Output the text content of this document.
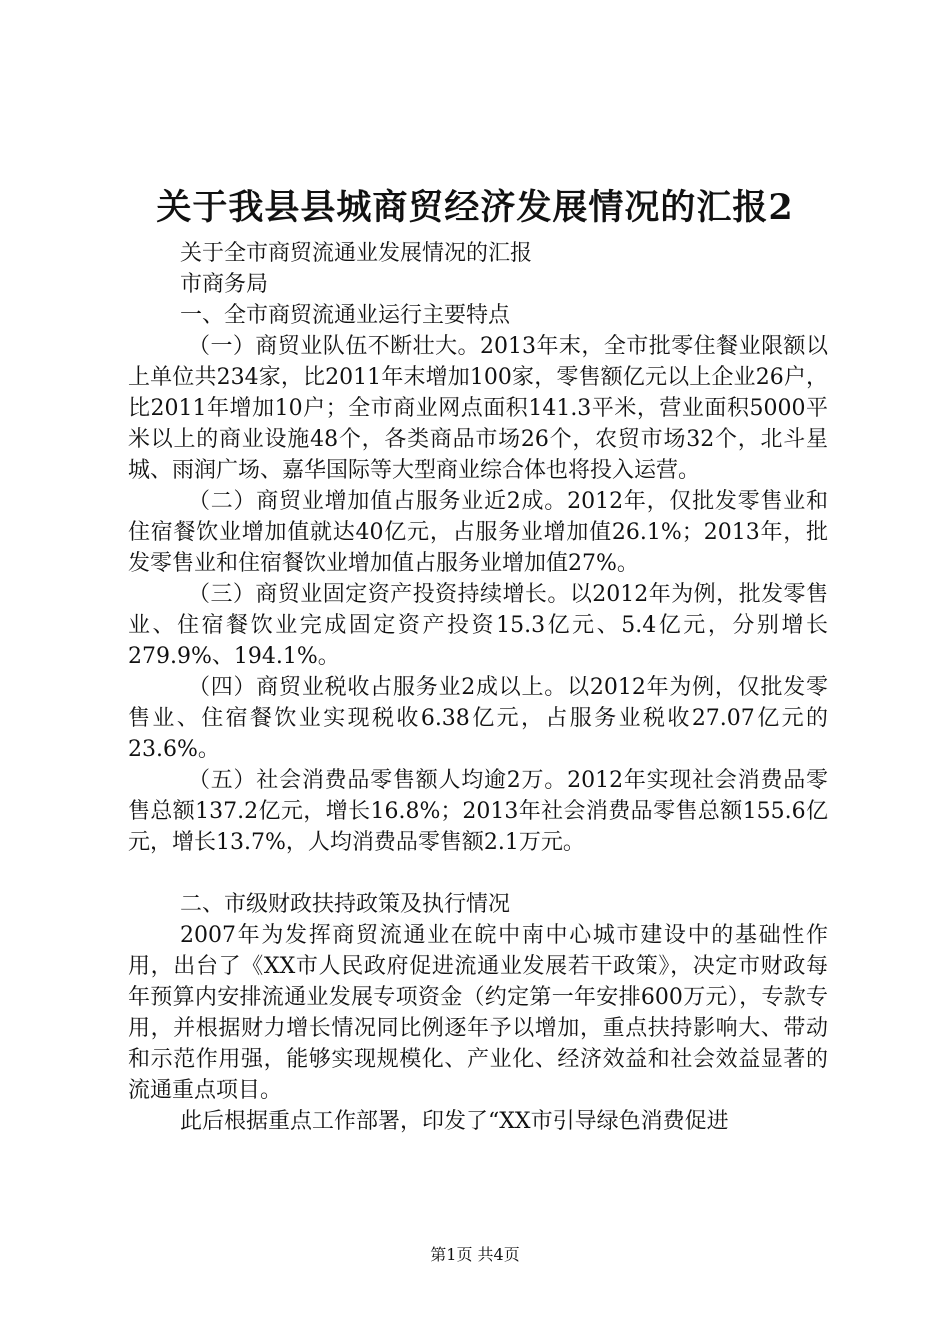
关于我县县城商贸经济发展情况的汇报2

关于全市商贸流通业发展情况的汇报

市商务局

一、全市商贸流通业运行主要特点

（一）商贸业队伍不断壮大。2013年末，全市批零住餐业限额以上单位共234家，比2011年末增加100家，零售额亿元以上企业26户，比2011年增加10户；全市商业网点面积141.3平米，营业面积5000平米以上的商业设施48个，各类商品市场26个，农贸市场32个，北斗星城、雨润广场、嘉华国际等大型商业综合体也将投入运营。

（二）商贸业增加值占服务业近2成。2012年，仅批发零售业和住宿餐饮业增加值就达40亿元，占服务业增加值26.1%；2013年，批发零售业和住宿餐饮业增加值占服务业增加值27%。

（三）商贸业固定资产投资持续增长。以2012年为例，批发零售业、住宿餐饮业完成固定资产投资15.3亿元、5.4亿元，分别增长279.9%、194.1%。

（四）商贸业税收占服务业2成以上。以2012年为例，仅批发零售业、住宿餐饮业实现税收6.38亿元，占服务业税收27.07亿元的23.6%。

（五）社会消费品零售额人均逾2万。2012年实现社会消费品零售总额137.2亿元，增长16.8%；2013年社会消费品零售总额155.6亿元，增长13.7%，人均消费品零售额2.1万元。

二、市级财政扶持政策及执行情况

2007年为发挥商贸流通业在皖中南中心城市建设中的基础性作用，出台了《XX市人民政府促进流通业发展若干政策》，决定市财政每年预算内安排流通业发展专项资金（约定第一年安排600万元），专款专用，并根据财力增长情况同比例逐年予以增加，重点扶持影响大、带动和示范作用强，能够实现规模化、产业化、经济效益和社会效益显著的流通重点项目。

此后根据重点工作部署，印发了“XX市引导绿色消费促进

第1页 共4页
